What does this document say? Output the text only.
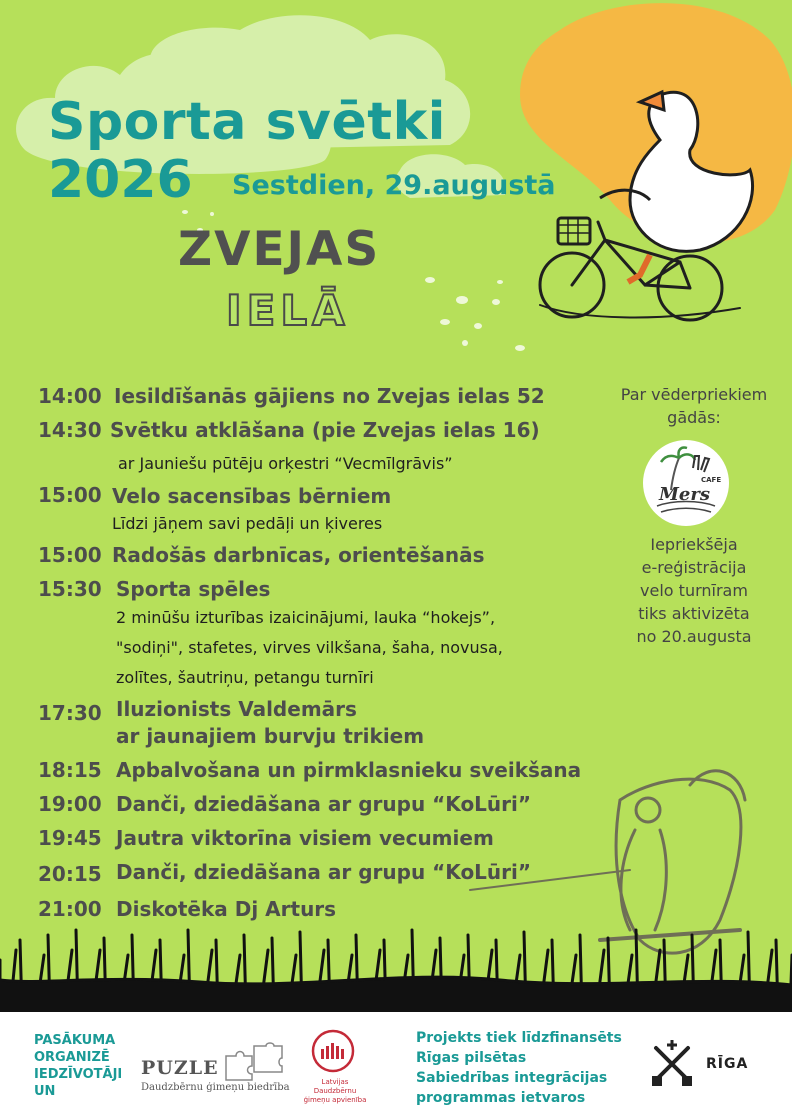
Sporta svētki
2026 Sestdien, 29.augustā
ZVEJAS
IELĀ
14:00 Iesildīšanās gājiens no Zvejas ielas 52
14:30 Svētku atklāšana (pie Zvejas ielas 16)
ar Jauniešu pūtēju orķestri “Vecmīlgrāvis”
15:00 Velo sacensības bērniem
Līdzi jāņem savi pedāļi un ķiveres
15:00 Radošās darbnīcas, orientēšanās
15:30 Sporta spēles
2 minūšu izturības izaicinājumi, lauka “hokejs”,
"sodiņi", stafetes, virves vilkšana, šaha, novusa,
zolītes, šautriņu, petangu turnīri
17:30 Iluzionists Valdemārs
ar jaunajiem burvju trikiem
18:15 Apbalvošana un pirmklasnieku sveikšana
19:00 Danči, dziedāšana ar grupu “KoLūri”
19:45 Jautra viktorīna visiem vecumiem
20:15 Danči, dziedāšana ar grupu “KoLūri”
21:00 Diskotēka Dj Arturs
Par vēderpriekiem
gādās:
Mers
CAFE
Iepriekšēja
e-reģistrācija
velo turnīram
tiks aktivizēta
no 20.augusta
PASĀKUMA
ORGANIZĒ
IEDZĪVOTĀJI
UN
PUZLE
Daudzbērnu ģimeņu biedrība	Latvijas Daudzbērnu
ģimeņu apvienība
Projekts tiek līdzfinansēts
Rīgas pilsētas
Sabiedrības integrācijas
programmas ietvaros
RĪGA
